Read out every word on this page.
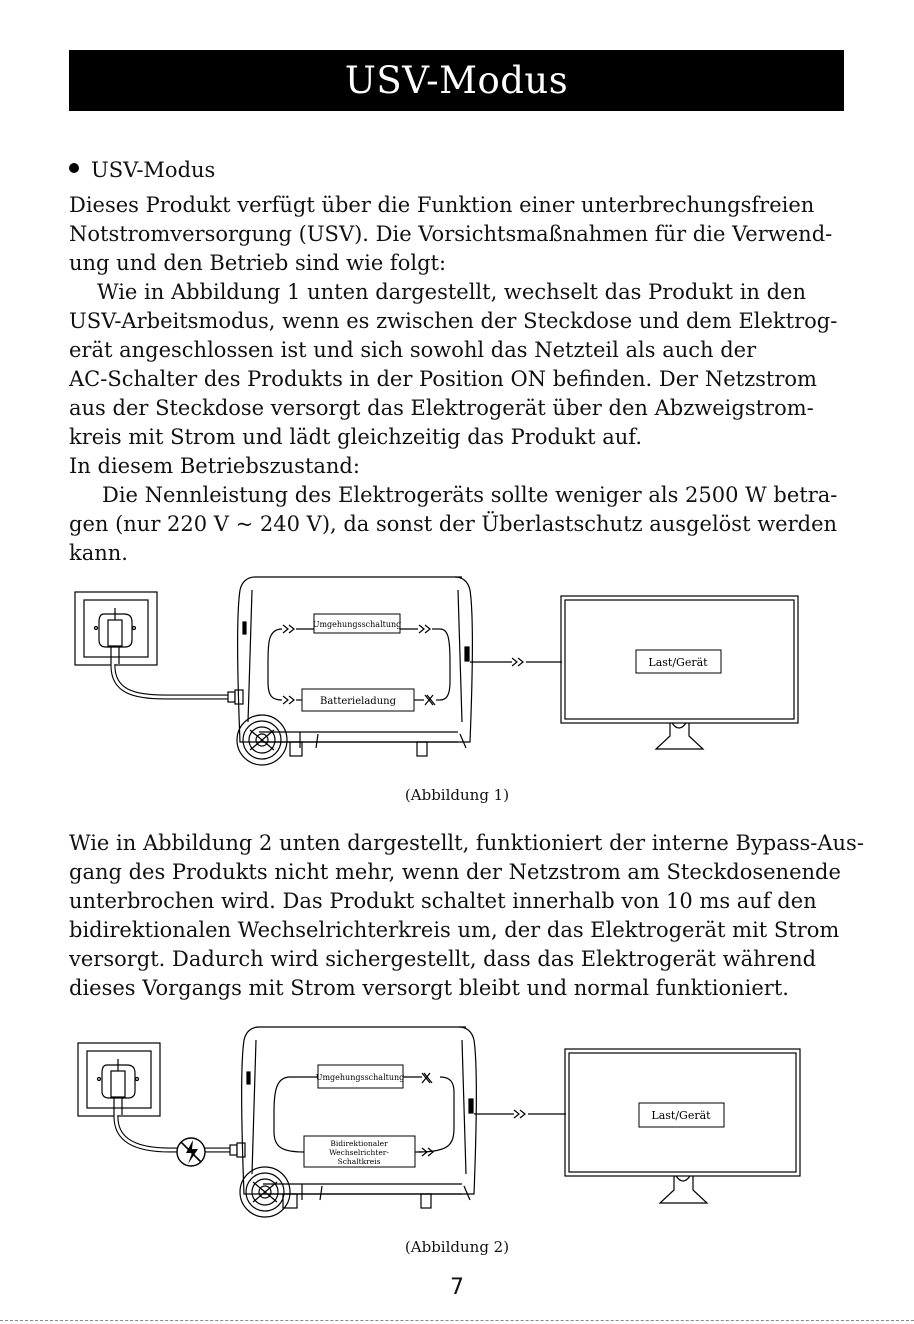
USV-Modus
USV-Modus
Dieses Produkt verfügt über die Funktion einer unterbrechungsfreien
Notstromversorgung (USV). Die Vorsichtsmaßnahmen für die Verwend-
ung und den Betrieb sind wie folgt:
Wie in Abbildung 1 unten dargestellt, wechselt das Produkt in den
USV-Arbeitsmodus, wenn es zwischen der Steckdose und dem Elektrog-
erät angeschlossen ist und sich sowohl das Netzteil als auch der
AC-Schalter des Produkts in der Position ON befinden. Der Netzstrom
aus der Steckdose versorgt das Elektrogerät über den Abzweigstrom-
kreis mit Strom und lädt gleichzeitig das Produkt auf.
In diesem Betriebszustand:
Die Nennleistung des Elektrogeräts sollte weniger als 2500 W betra-
gen (nur 220 V ~ 240 V), da sonst der Überlastschutz ausgelöst werden
kann.
Umgehungsschaltung
Batterieladung
Last/Gerät
(Abbildung 1)
Wie in Abbildung 2 unten dargestellt, funktioniert der interne Bypass-Aus-
gang des Produkts nicht mehr, wenn der Netzstrom am Steckdosenende
unterbrochen wird. Das Produkt schaltet innerhalb von 10 ms auf den
bidirektionalen Wechselrichterkreis um, der das Elektrogerät mit Strom
versorgt. Dadurch wird sichergestellt, dass das Elektrogerät während
dieses Vorgangs mit Strom versorgt bleibt und normal funktioniert.
Umgehungsschaltung
Bidirektionaler
Wechselrichter-
Schaltkreis
Last/Gerät
(Abbildung 2)
7
